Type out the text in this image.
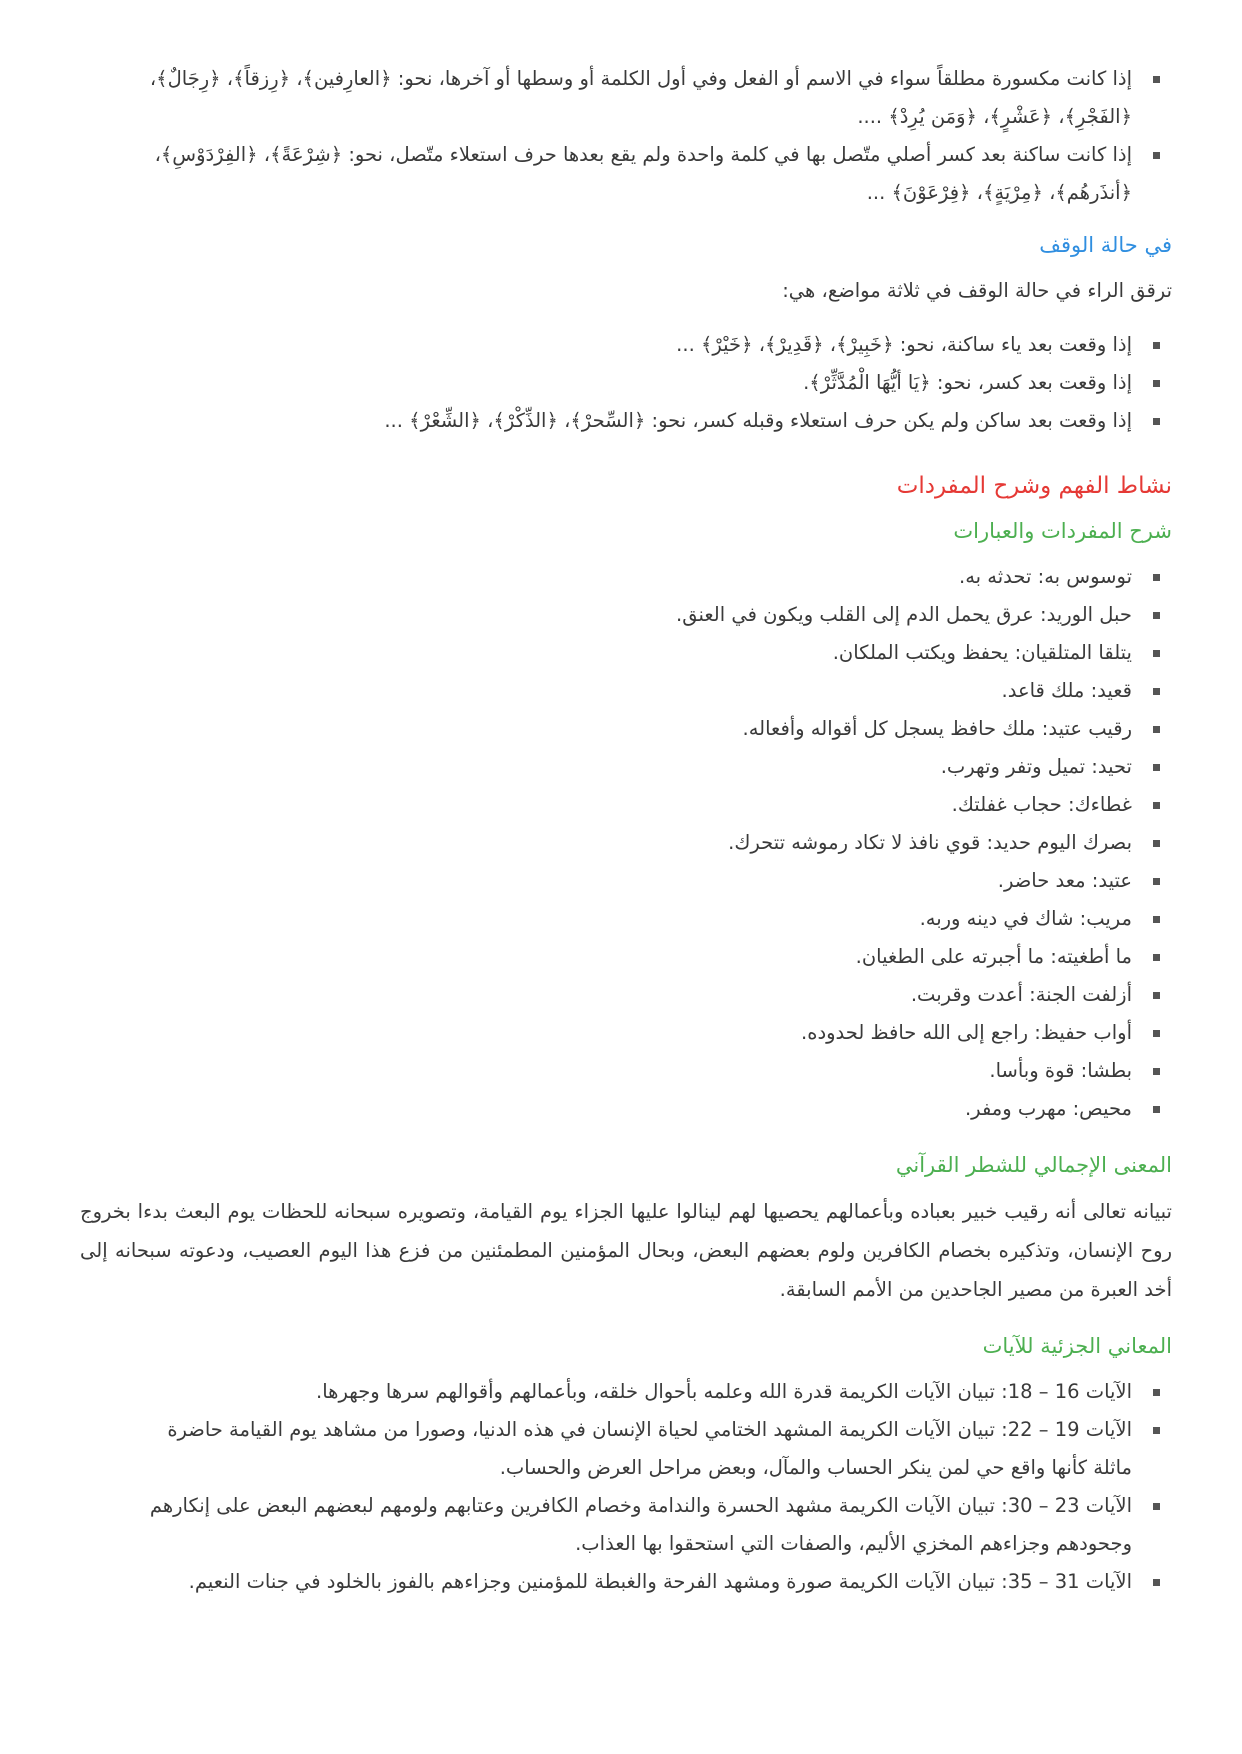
إذا كانت مكسورة مطلقاً سواء في الاسم أو الفعل وفي أول الكلمة أو وسطها أو آخرها، نحو: ﴿العارِفين﴾، ﴿رِزقاً﴾، ﴿رِجَالٌ﴾،
﴿الفَجْرِ﴾، ﴿عَشْرٍ﴾، ﴿وَمَن يُرِدْ﴾ ....
إذا كانت ساكنة بعد كسر أصلي متّصل بها في كلمة واحدة ولم يقع بعدها حرف استعلاء متّصل، نحو: ﴿شِرْعَةً﴾، ﴿الفِرْدَوْسِ﴾،
﴿أنذَرهُم﴾، ﴿مِرْيَةٍ﴾، ﴿فِرْعَوْنَ﴾ ...
في حالة الوقف

ترقق الراء في حالة الوقف في ثلاثة مواضع، هي:

إذا وقعت بعد ياء ساكنة، نحو: ﴿خَبِيرْ﴾، ﴿قَدِيرْ﴾، ﴿خَيْرْ﴾ ...
إذا وقعت بعد كسر، نحو: ﴿يَا أيُّهَا الْمُدَّثِّرْ﴾.
إذا وقعت بعد ساكن ولم يكن حرف استعلاء وقبله كسر، نحو: ﴿السِّحرْ﴾، ﴿الذِّكْرْ﴾، ﴿الشِّعْرْ﴾ ...
نشاط الفهم وشرح المفردات
شرح المفردات والعبارات
توسوس به: تحدثه به.
حبل الوريد: عرق يحمل الدم إلى القلب ويكون في العنق.
يتلقا المتلقيان: يحفظ ويكتب الملكان.
قعيد: ملك قاعد.
رقيب عتيد: ملك حافظ يسجل كل أقواله وأفعاله.
تحيد: تميل وتفر وتهرب.
غطاءك: حجاب غفلتك.
بصرك اليوم حديد: قوي نافذ لا تكاد رموشه تتحرك.
عتيد: معد حاضر.
مريب: شاك في دينه وربه.
ما أطغيته: ما أجبرته على الطغيان.
أزلفت الجنة: أعدت وقربت.
أواب حفيظ: راجع إلى الله حافظ لحدوده.
بطشا: قوة وبأسا.
محيص: مهرب ومفر.
المعنى الإجمالي للشطر القرآني

تبيانه تعالى أنه رقيب خبير بعباده وبأعمالهم يحصيها لهم لينالوا عليها الجزاء يوم القيامة، وتصويره سبحانه للحظات يوم البعث بدءا بخروج روح الإنسان، وتذكيره بخصام الكافرين ولوم بعضهم البعض، وبحال المؤمنين المطمئنين من فزع هذا اليوم العصيب، ودعوته سبحانه إلى أخد العبرة من مصير الجاحدين من الأمم السابقة.

المعاني الجزئية للآيات
الآيات 16 – 18: تبيان الآيات الكريمة قدرة الله وعلمه بأحوال خلقه، وبأعمالهم وأقوالهم سرها وجهرها.
الآيات 19 – 22: تبيان الآيات الكريمة المشهد الختامي لحياة الإنسان في هذه الدنيا، وصورا من مشاهد يوم القيامة حاضرة
ماثلة كأنها واقع حي لمن ينكر الحساب والمآل، وبعض مراحل العرض والحساب.
الآيات 23 – 30: تبيان الآيات الكريمة مشهد الحسرة والندامة وخصام الكافرين وعتابهم ولومهم لبعضهم البعض على إنكارهم
وجحودهم وجزاءهم المخزي الأليم، والصفات التي استحقوا بها العذاب.
الآيات 31 – 35: تبيان الآيات الكريمة صورة ومشهد الفرحة والغبطة للمؤمنين وجزاءهم بالفوز بالخلود في جنات النعيم.
